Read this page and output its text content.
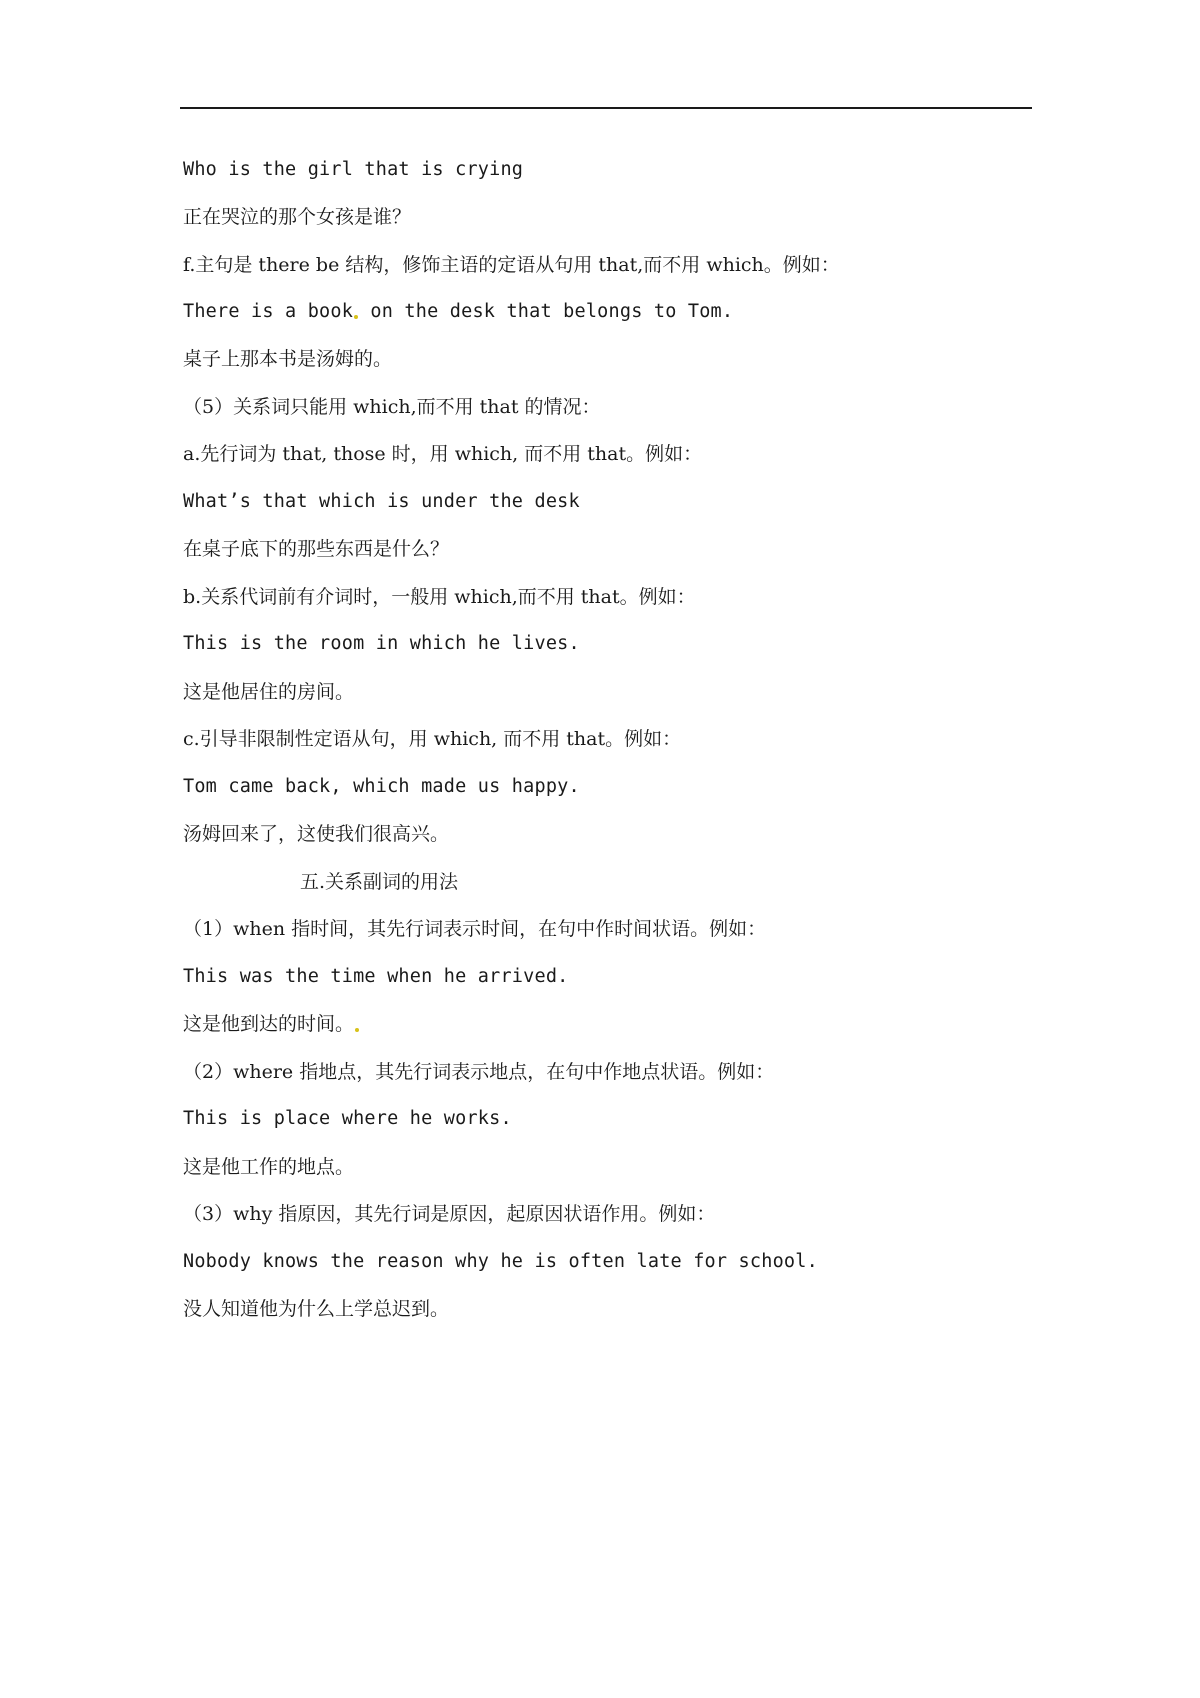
Who is the girl that is crying
正在哭泣的那个女孩是谁？
f.主句是 there be 结构，修饰主语的定语从句用 that,而不用 which。例如：
There is a book on the desk that belongs to Tom.
桌子上那本书是汤姆的。
（5）关系词只能用 which,而不用 that 的情况：
a.先行词为 that, those 时，用 which, 而不用 that。例如：
What’s that which is under the desk
在桌子底下的那些东西是什么？
b.关系代词前有介词时，一般用 which,而不用 that。例如：
This is the room in which he lives.
这是他居住的房间。
c.引导非限制性定语从句，用 which, 而不用 that。例如：
Tom came back, which made us happy.
汤姆回来了，这使我们很高兴。
五.关系副词的用法
（1）when 指时间，其先行词表示时间，在句中作时间状语。例如：
This was the time when he arrived.
这是他到达的时间。
（2）where 指地点，其先行词表示地点，在句中作地点状语。例如：
This is place where he works.
这是他工作的地点。
（3）why 指原因，其先行词是原因，起原因状语作用。例如：
Nobody knows the reason why he is often late for school.
没人知道他为什么上学总迟到。
